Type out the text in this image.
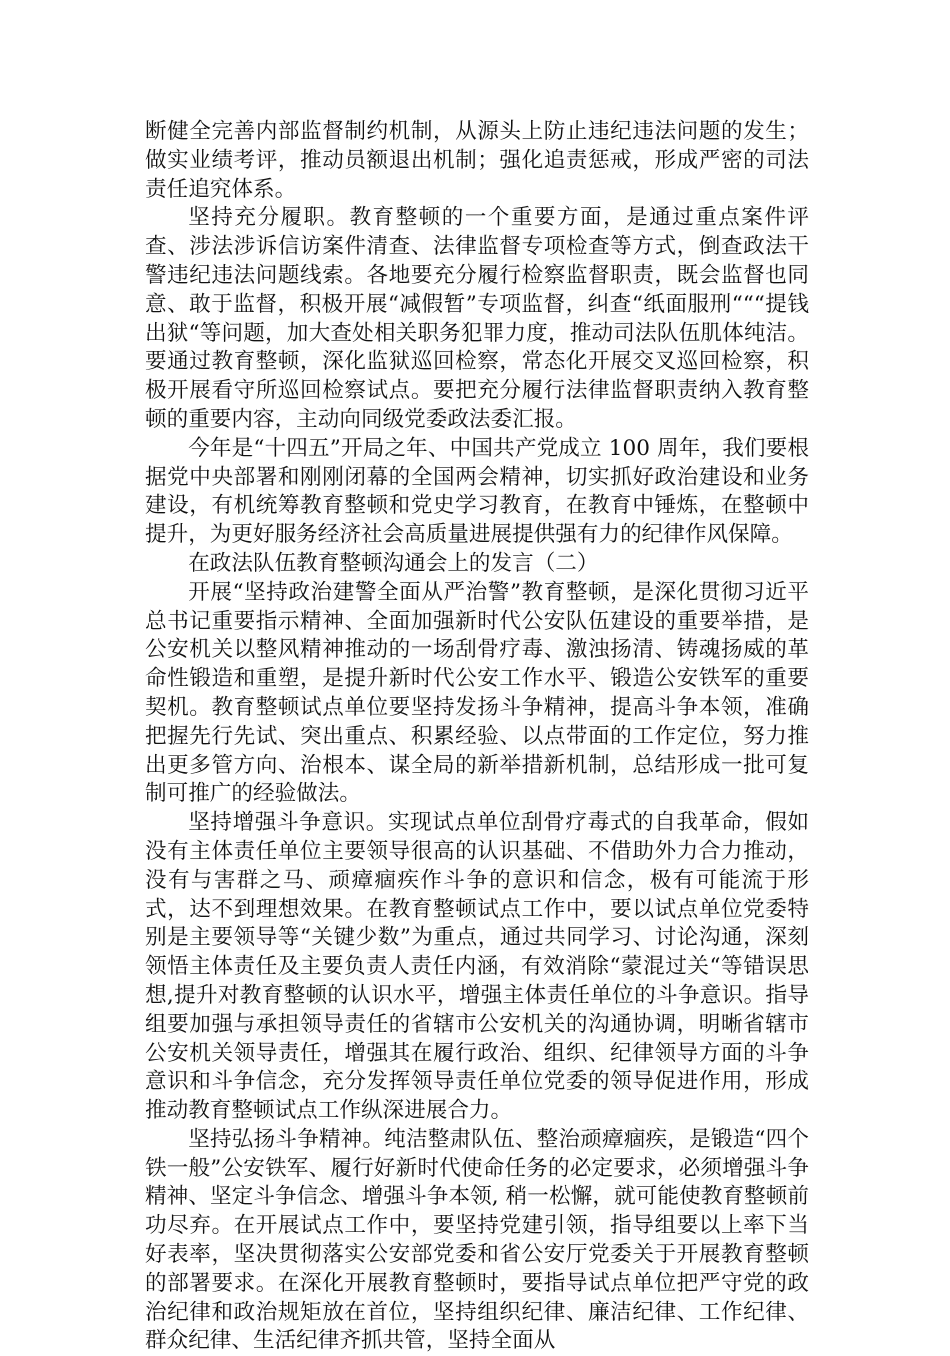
断健全完善内部监督制约机制，从源头上防止违纪违法问题的发生；做实业绩考评，推动员额退出机制；强化追责惩戒，形成严密的司法责任追究体系。

坚持充分履职。教育整顿的一个重要方面，是通过重点案件评查、涉法涉诉信访案件清查、法律监督专项检查等方式，倒查政法干警违纪违法问题线索。各地要充分履行检察监督职责，既会监督也同意、敢于监督，积极开展“减假暂”专项监督，纠查“纸面服刑“““提钱出狱“等问题，加大查处相关职务犯罪力度，推动司法队伍肌体纯洁。要通过教育整顿，深化监狱巡回检察，常态化开展交叉巡回检察，积极开展看守所巡回检察试点。要把充分履行法律监督职责纳入教育整顿的重要内容，主动向同级党委政法委汇报。

今年是“十四五”开局之年、中国共产党成立 100 周年，我们要根据党中央部署和刚刚闭幕的全国两会精神，切实抓好政治建设和业务建设，有机统筹教育整顿和党史学习教育，在教育中锤炼，在整顿中提升，为更好服务经济社会高质量进展提供强有力的纪律作风保障。

在政法队伍教育整顿沟通会上的发言（二）

开展“坚持政治建警全面从严治警”教育整顿，是深化贯彻习近平总书记重要指示精神、全面加强新时代公安队伍建设的重要举措，是公安机关以整风精神推动的一场刮骨疗毒、激浊扬清、铸魂扬威的革命性锻造和重塑，是提升新时代公安工作水平、锻造公安铁军的重要契机。教育整顿试点单位要坚持发扬斗争精神，提高斗争本领，准确把握先行先试、突出重点、积累经验、以点带面的工作定位，努力推出更多管方向、治根本、谋全局的新举措新机制，总结形成一批可复制可推广的经验做法。

坚持增强斗争意识。实现试点单位刮骨疗毒式的自我革命，假如没有主体责任单位主要领导很高的认识基础、不借助外力合力推动，没有与害群之马、顽瘴痼疾作斗争的意识和信念，极有可能流于形式，达不到理想效果。在教育整顿试点工作中，要以试点单位党委特别是主要领导等“关键少数”为重点，通过共同学习、讨论沟通，深刻领悟主体责任及主要负责人责任内涵，有效消除“蒙混过关“等错误思想,提升对教育整顿的认识水平，增强主体责任单位的斗争意识。指导组要加强与承担领导责任的省辖市公安机关的沟通协调，明晰省辖市公安机关领导责任，增强其在履行政治、组织、纪律领导方面的斗争意识和斗争信念，充分发挥领导责任单位党委的领导促进作用，形成推动教育整顿试点工作纵深进展合力。

坚持弘扬斗争精神。纯洁整肃队伍、整治顽瘴痼疾，是锻造“四个铁一般”公安铁军、履行好新时代使命任务的必定要求，必须增强斗争精神、坚定斗争信念、增强斗争本领, 稍一松懈，就可能使教育整顿前功尽弃。在开展试点工作中，要坚持党建引领，指导组要以上率下当好表率，坚决贯彻落实公安部党委和省公安厅党委关于开展教育整顿的部署要求。在深化开展教育整顿时，要指导试点单位把严守党的政治纪律和政治规矩放在首位，坚持组织纪律、廉洁纪律、工作纪律、群众纪律、生活纪律齐抓共管，坚持全面从
